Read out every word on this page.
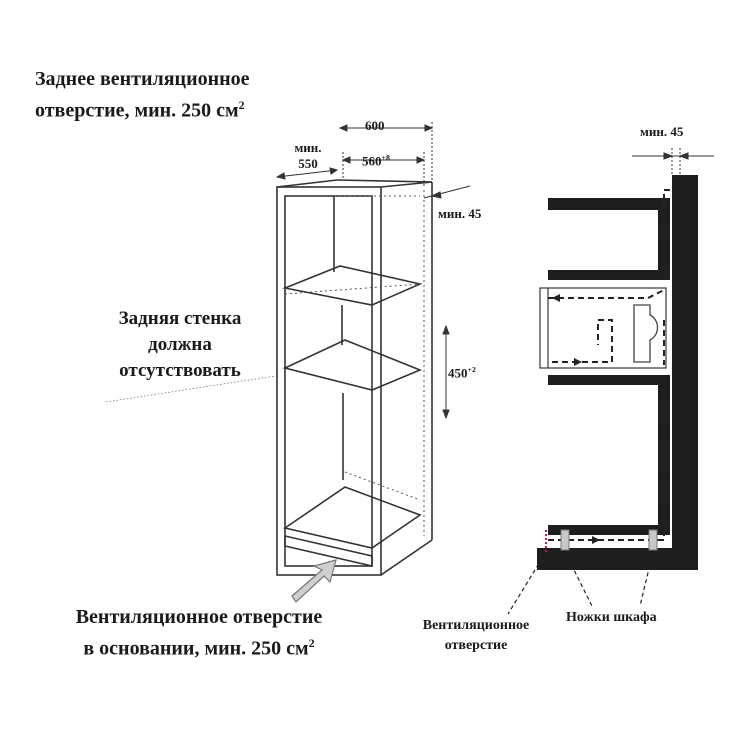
Заднее вентиляционное
отверстие, мин. 250 $см^2$
Задняя стенка
должна
отсутствовать
Вентиляционное отверстие
в основании, мин. 250 $см^2$
Вентиляционное
отверстие
Ножки шкафа
600
$560^{+8}$
мин.
550
мин. 45
$450^{+2}$
мин. 45
